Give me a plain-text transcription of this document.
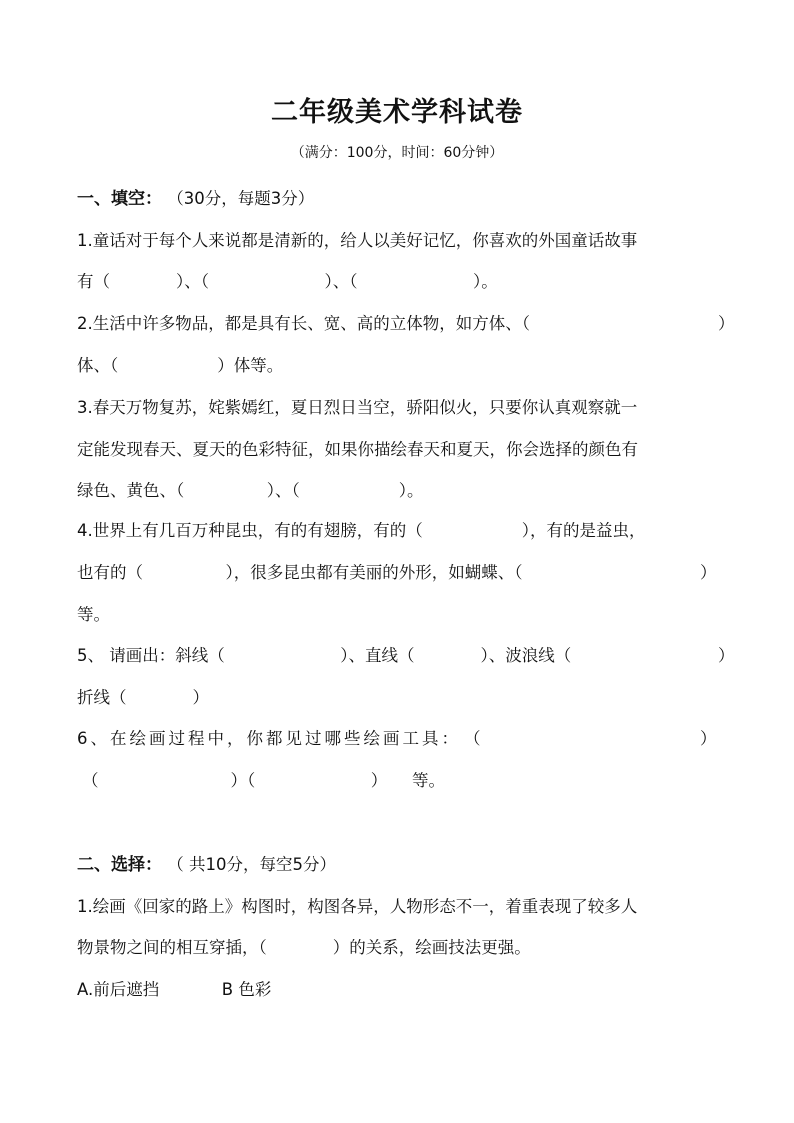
二年级美术学科试卷
（满分：100分，时间：60分钟）
一、填空： （30分，每题3分）
1.童话对于每个人来说都是清新的，给人以美好记忆，你喜欢的外国童话故事
有（　　　　）、（　　　　　　　）、（　　　　　　　）。
2.生活中许多物品，都是具有长、宽、高的立体物，如方体、（	）
体、（　　　　　　）体等。
3.春天万物复苏，姹紫嫣红，夏日烈日当空，骄阳似火，只要你认真观察就一
定能发现春天、夏天的色彩特征，如果你描绘春天和夏天，你会选择的颜色有
绿色、黄色、（　　　　　）、（　　　　　　）。
4.世界上有几百万种昆虫，有的有翅膀，有的（　　　　　　），有的是益虫，
也有的（　　　　　），很多昆虫都有美丽的外形，如蝴蝶、（	）
等。
5、 请画出：斜线（　　　　　　　）、直线（　　　　）、波浪线（	）
折线（　　　　）
6、在绘画过程中，你都见过哪些绘画工具：　（	）
（　　　　　　　　）（　　　　　　　）　　等。
二、选择： （ 共10分，每空5分）
1.绘画《回家的路上》构图时，构图各异，人物形态不一，着重表现了较多人
物景物之间的相互穿插，（　　　　）的关系，绘画技法更强。
A.前后遮挡	B 色彩
